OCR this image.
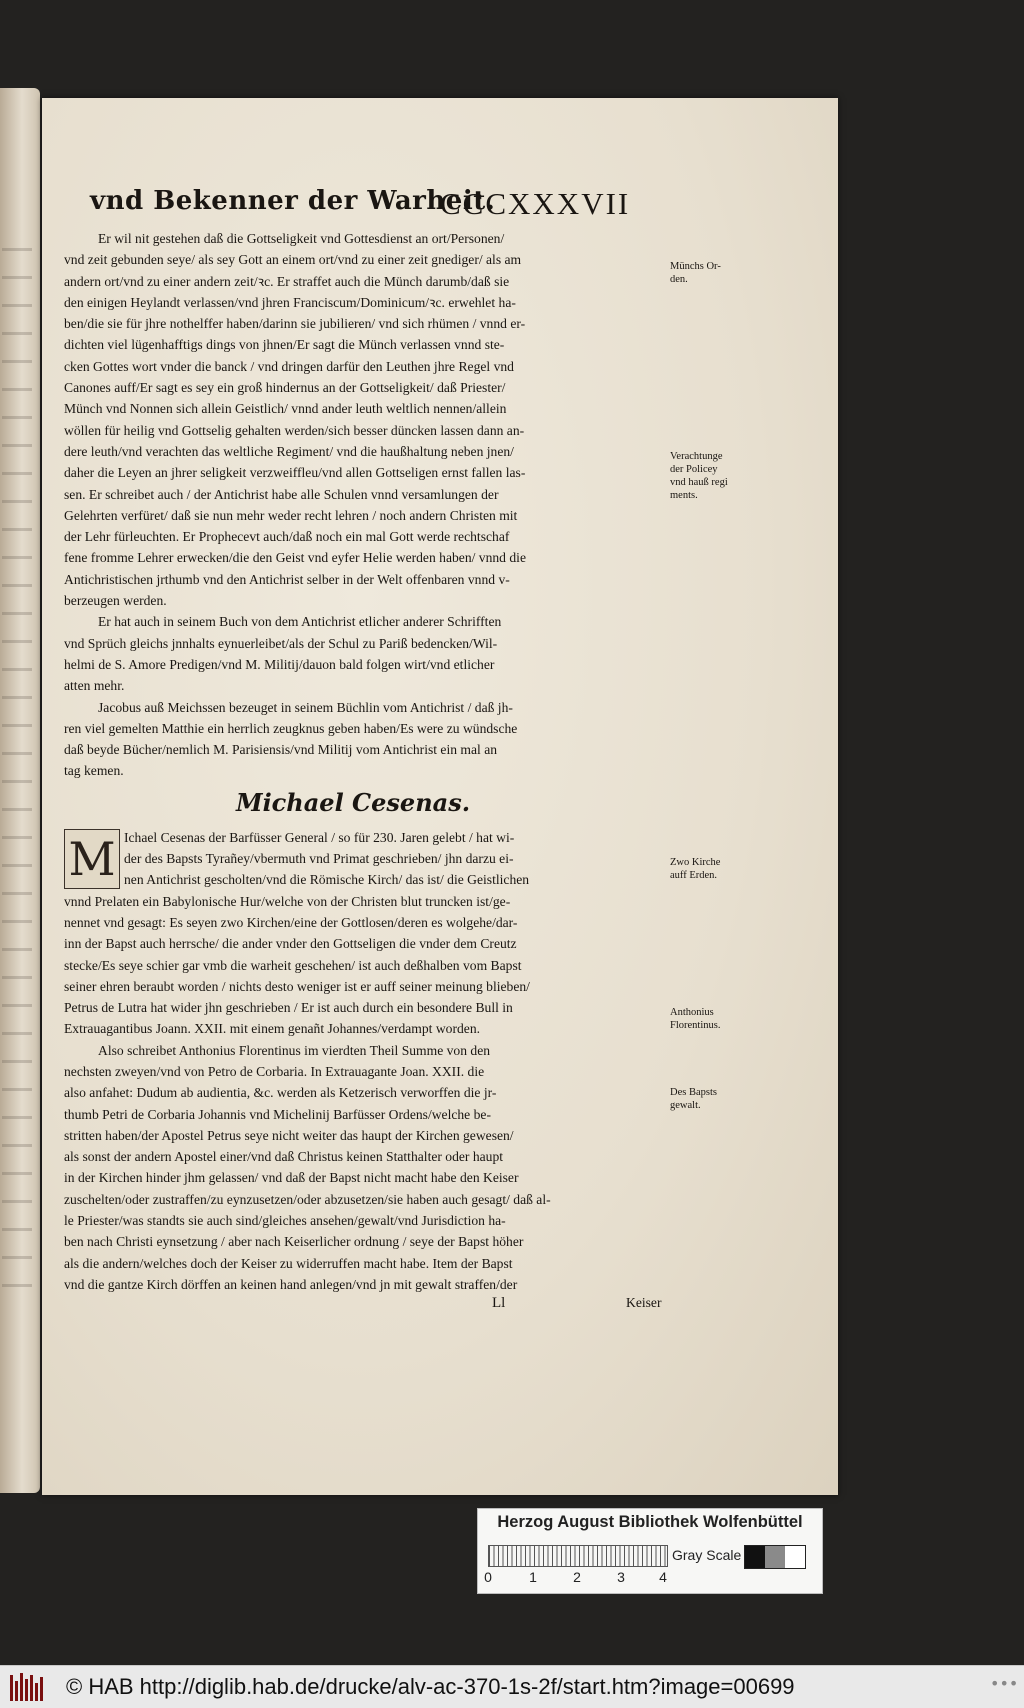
vnd Bekenner der Warheit.
CCCXXXVII

Er wil nit gestehen daß die Gottseligkeit vnd Gottesdienst an ort/Personen/

vnd zeit gebunden seye/ als sey Gott an einem ort/vnd zu einer zeit gnediger/ als am

andern ort/vnd zu einer andern zeit/ꝛc. Er straffet auch die Münch darumb/daß sie

den einigen Heylandt verlassen/vnd jhren Franciscum/Dominicum/ꝛc. erwehlet ha-

ben/die sie für jhre nothelffer haben/darinn sie jubilieren/ vnd sich rhümen / vnnd er-

dichten viel lügenhafftigs dings von jhnen/Er sagt die Münch verlassen vnnd ste-

cken Gottes wort vnder die banck / vnd dringen darfür den Leuthen jhre Regel vnd

Canones auff/Er sagt es sey ein groß hindernus an der Gottseligkeit/ daß Priester/

Münch vnd Nonnen sich allein Geistlich/ vnnd ander leuth weltlich nennen/allein

wöllen für heilig vnd Gottselig gehalten werden/sich besser düncken lassen dann an-

dere leuth/vnd verachten das weltliche Regiment/ vnd die haußhaltung neben jnen/

daher die Leyen an jhrer seligkeit verzweiffleu/vnd allen Gottseligen ernst fallen las-

sen. Er schreibet auch / der Antichrist habe alle Schulen vnnd versamlungen der

Gelehrten verfüret/ daß sie nun mehr weder recht lehren / noch andern Christen mit

der Lehr fürleuchten. Er Prophecevt auch/daß noch ein mal Gott werde rechtschaf

fene fromme Lehrer erwecken/die den Geist vnd eyfer Helie werden haben/ vnnd die

Antichristischen jrthumb vnd den Antichrist selber in der Welt offenbaren vnnd v-

berzeugen werden.

Er hat auch in seinem Buch von dem Antichrist etlicher anderer Schrifften

vnd Sprüch gleichs jnnhalts eynuerleibet/als der Schul zu Pariß bedencken/Wil-

helmi de S. Amore Predigen/vnd M. Militij/dauon bald folgen wirt/vnd etlicher

atten mehr.

Jacobus auß Meichssen bezeuget in seinem Büchlin vom Antichrist / daß jh-

ren viel gemelten Matthie ein herrlich zeugknus geben haben/Es were zu wündsche

daß beyde Bücher/nemlich M. Parisiensis/vnd Militij vom Antichrist ein mal an

tag kemen.

Michael Cesenas.
M Ichael Cesenas der Barfüsser General / so für 230. Jaren gelebt / hat wi-

der des Bapsts Tyrañey/vbermuth vnd Primat geschrieben/ jhn darzu ei-

nen Antichrist gescholten/vnd die Römische Kirch/ das ist/ die Geistlichen

vnnd Prelaten ein Babylonische Hur/welche von der Christen blut truncken ist/ge-

nennet vnd gesagt: Es seyen zwo Kirchen/eine der Gottlosen/deren es wolgehe/dar-

inn der Bapst auch herrsche/ die ander vnder den Gottseligen die vnder dem Creutz

stecke/Es seye schier gar vmb die warheit geschehen/ ist auch deßhalben vom Bapst

seiner ehren beraubt worden / nichts desto weniger ist er auff seiner meinung blieben/

Petrus de Lutra hat wider jhn geschrieben / Er ist auch durch ein besondere Bull in

Extrauagantibus Joann. XXII. mit einem genañt Johannes/verdampt worden.

Also schreibet Anthonius Florentinus im vierdten Theil Summe von den

nechsten zweyen/vnd von Petro de Corbaria. In Extrauagante Joan. XXII. die

also anfahet: Dudum ab audientia, &c. werden als Ketzerisch verworffen die jr-

thumb Petri de Corbaria Johannis vnd Michelinij Barfüsser Ordens/welche be-

stritten haben/der Apostel Petrus seye nicht weiter das haupt der Kirchen gewesen/

als sonst der andern Apostel einer/vnd daß Christus keinen Statthalter oder haupt

in der Kirchen hinder jhm gelassen/ vnd daß der Bapst nicht macht habe den Keiser

zuschelten/oder zustraffen/zu eynzusetzen/oder abzusetzen/sie haben auch gesagt/ daß al-

le Priester/was standts sie auch sind/gleiches ansehen/gewalt/vnd Jurisdiction ha-

ben nach Christi eynsetzung / aber nach Keiserlicher ordnung / seye der Bapst höher

als die andern/welches doch der Keiser zu widerruffen macht habe. Item der Bapst

vnd die gantze Kirch dörffen an keinen hand anlegen/vnd jn mit gewalt straffen/der

Ll	Keiser
Münchs Or-
den.
Verachtunge
der Policey
vnd hauß regi
ments.
Zwo Kirche
auff Erden.
Anthonius
Florentinus.
Des Bapsts
gewalt.
Herzog August Bibliothek Wolfenbüttel
0	1	2	3 4
Gray Scale
© HAB http://diglib.hab.de/drucke/alv-ac-370-1s-2f/start.htm?image=00699	•••
